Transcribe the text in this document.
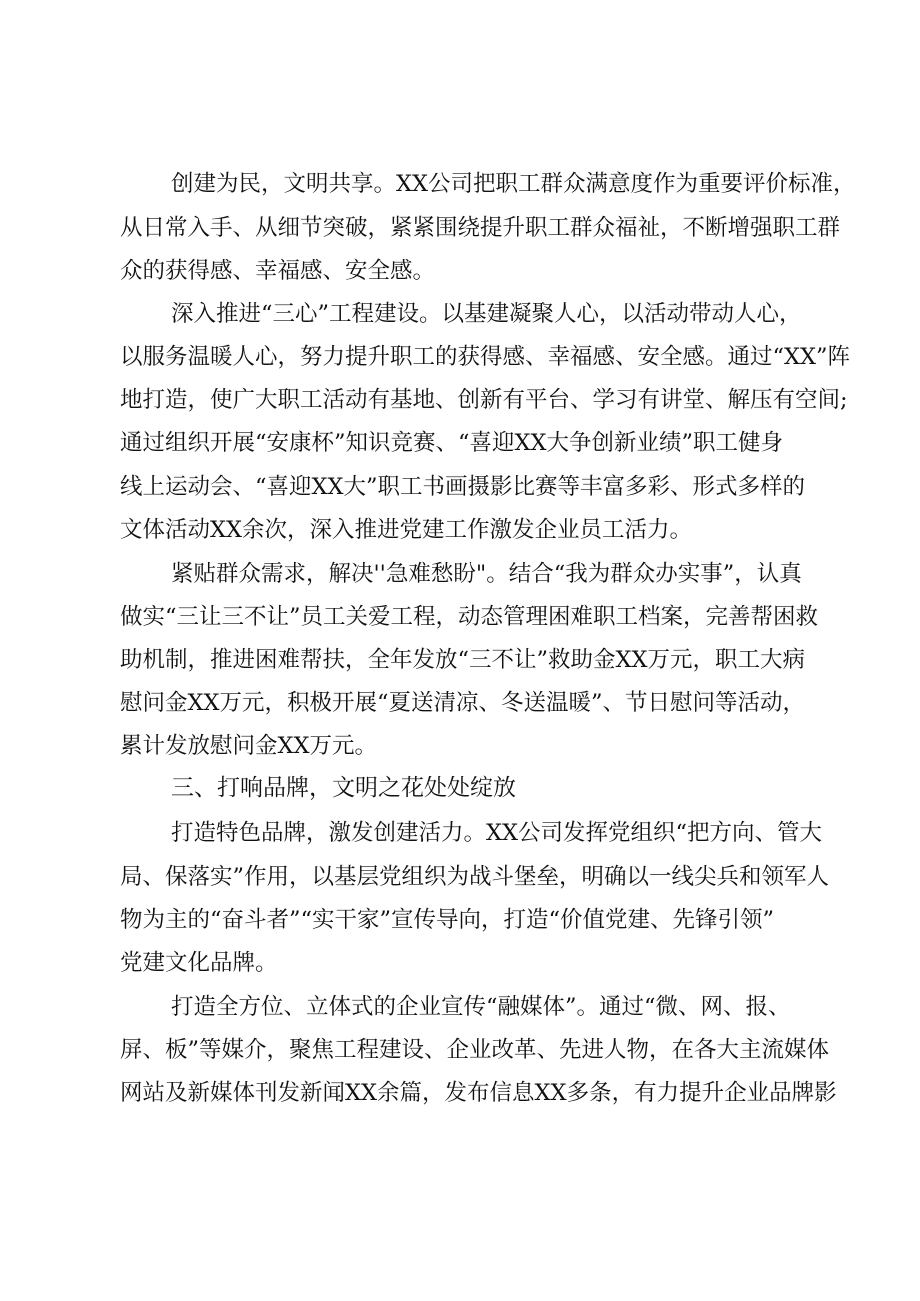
创建为民，文明共享。XX公司把职工群众满意度作为重要评价标准，

从日常入手、从细节突破，紧紧围绕提升职工群众福祉，不断增强职工群

众的获得感、幸福感、安全感。

深入推进“三心”工程建设。以基建凝聚人心，以活动带动人心，

以服务温暖人心，努力提升职工的获得感、幸福感、安全感。通过“XX”阵

地打造，使广大职工活动有基地、创新有平台、学习有讲堂、解压有空间;

通过组织开展“安康杯”知识竞赛、“喜迎XX大争创新业绩”职工健身

线上运动会、“喜迎XX大”职工书画摄影比赛等丰富多彩、形式多样的

文体活动XX余次，深入推进党建工作激发企业员工活力。

紧贴群众需求，解决''急难愁盼"。结合“我为群众办实事”，认真

做实“三让三不让”员工关爱工程，动态管理困难职工档案，完善帮困救

助机制，推进困难帮扶，全年发放“三不让”救助金XX万元，职工大病

慰问金XX万元，积极开展“夏送清凉、冬送温暖”、节日慰问等活动，

累计发放慰问金XX万元。

三、打响品牌，文明之花处处绽放

打造特色品牌，激发创建活力。XX公司发挥党组织“把方向、管大

局、保落实”作用，以基层党组织为战斗堡垒，明确以一线尖兵和领军人

物为主的“奋斗者”“实干家”宣传导向，打造“价值党建、先锋引领”

党建文化品牌。

打造全方位、立体式的企业宣传“融媒体”。通过“微、网、报、

屏、板”等媒介，聚焦工程建设、企业改革、先进人物，在各大主流媒体

网站及新媒体刊发新闻XX余篇，发布信息XX多条，有力提升企业品牌影
